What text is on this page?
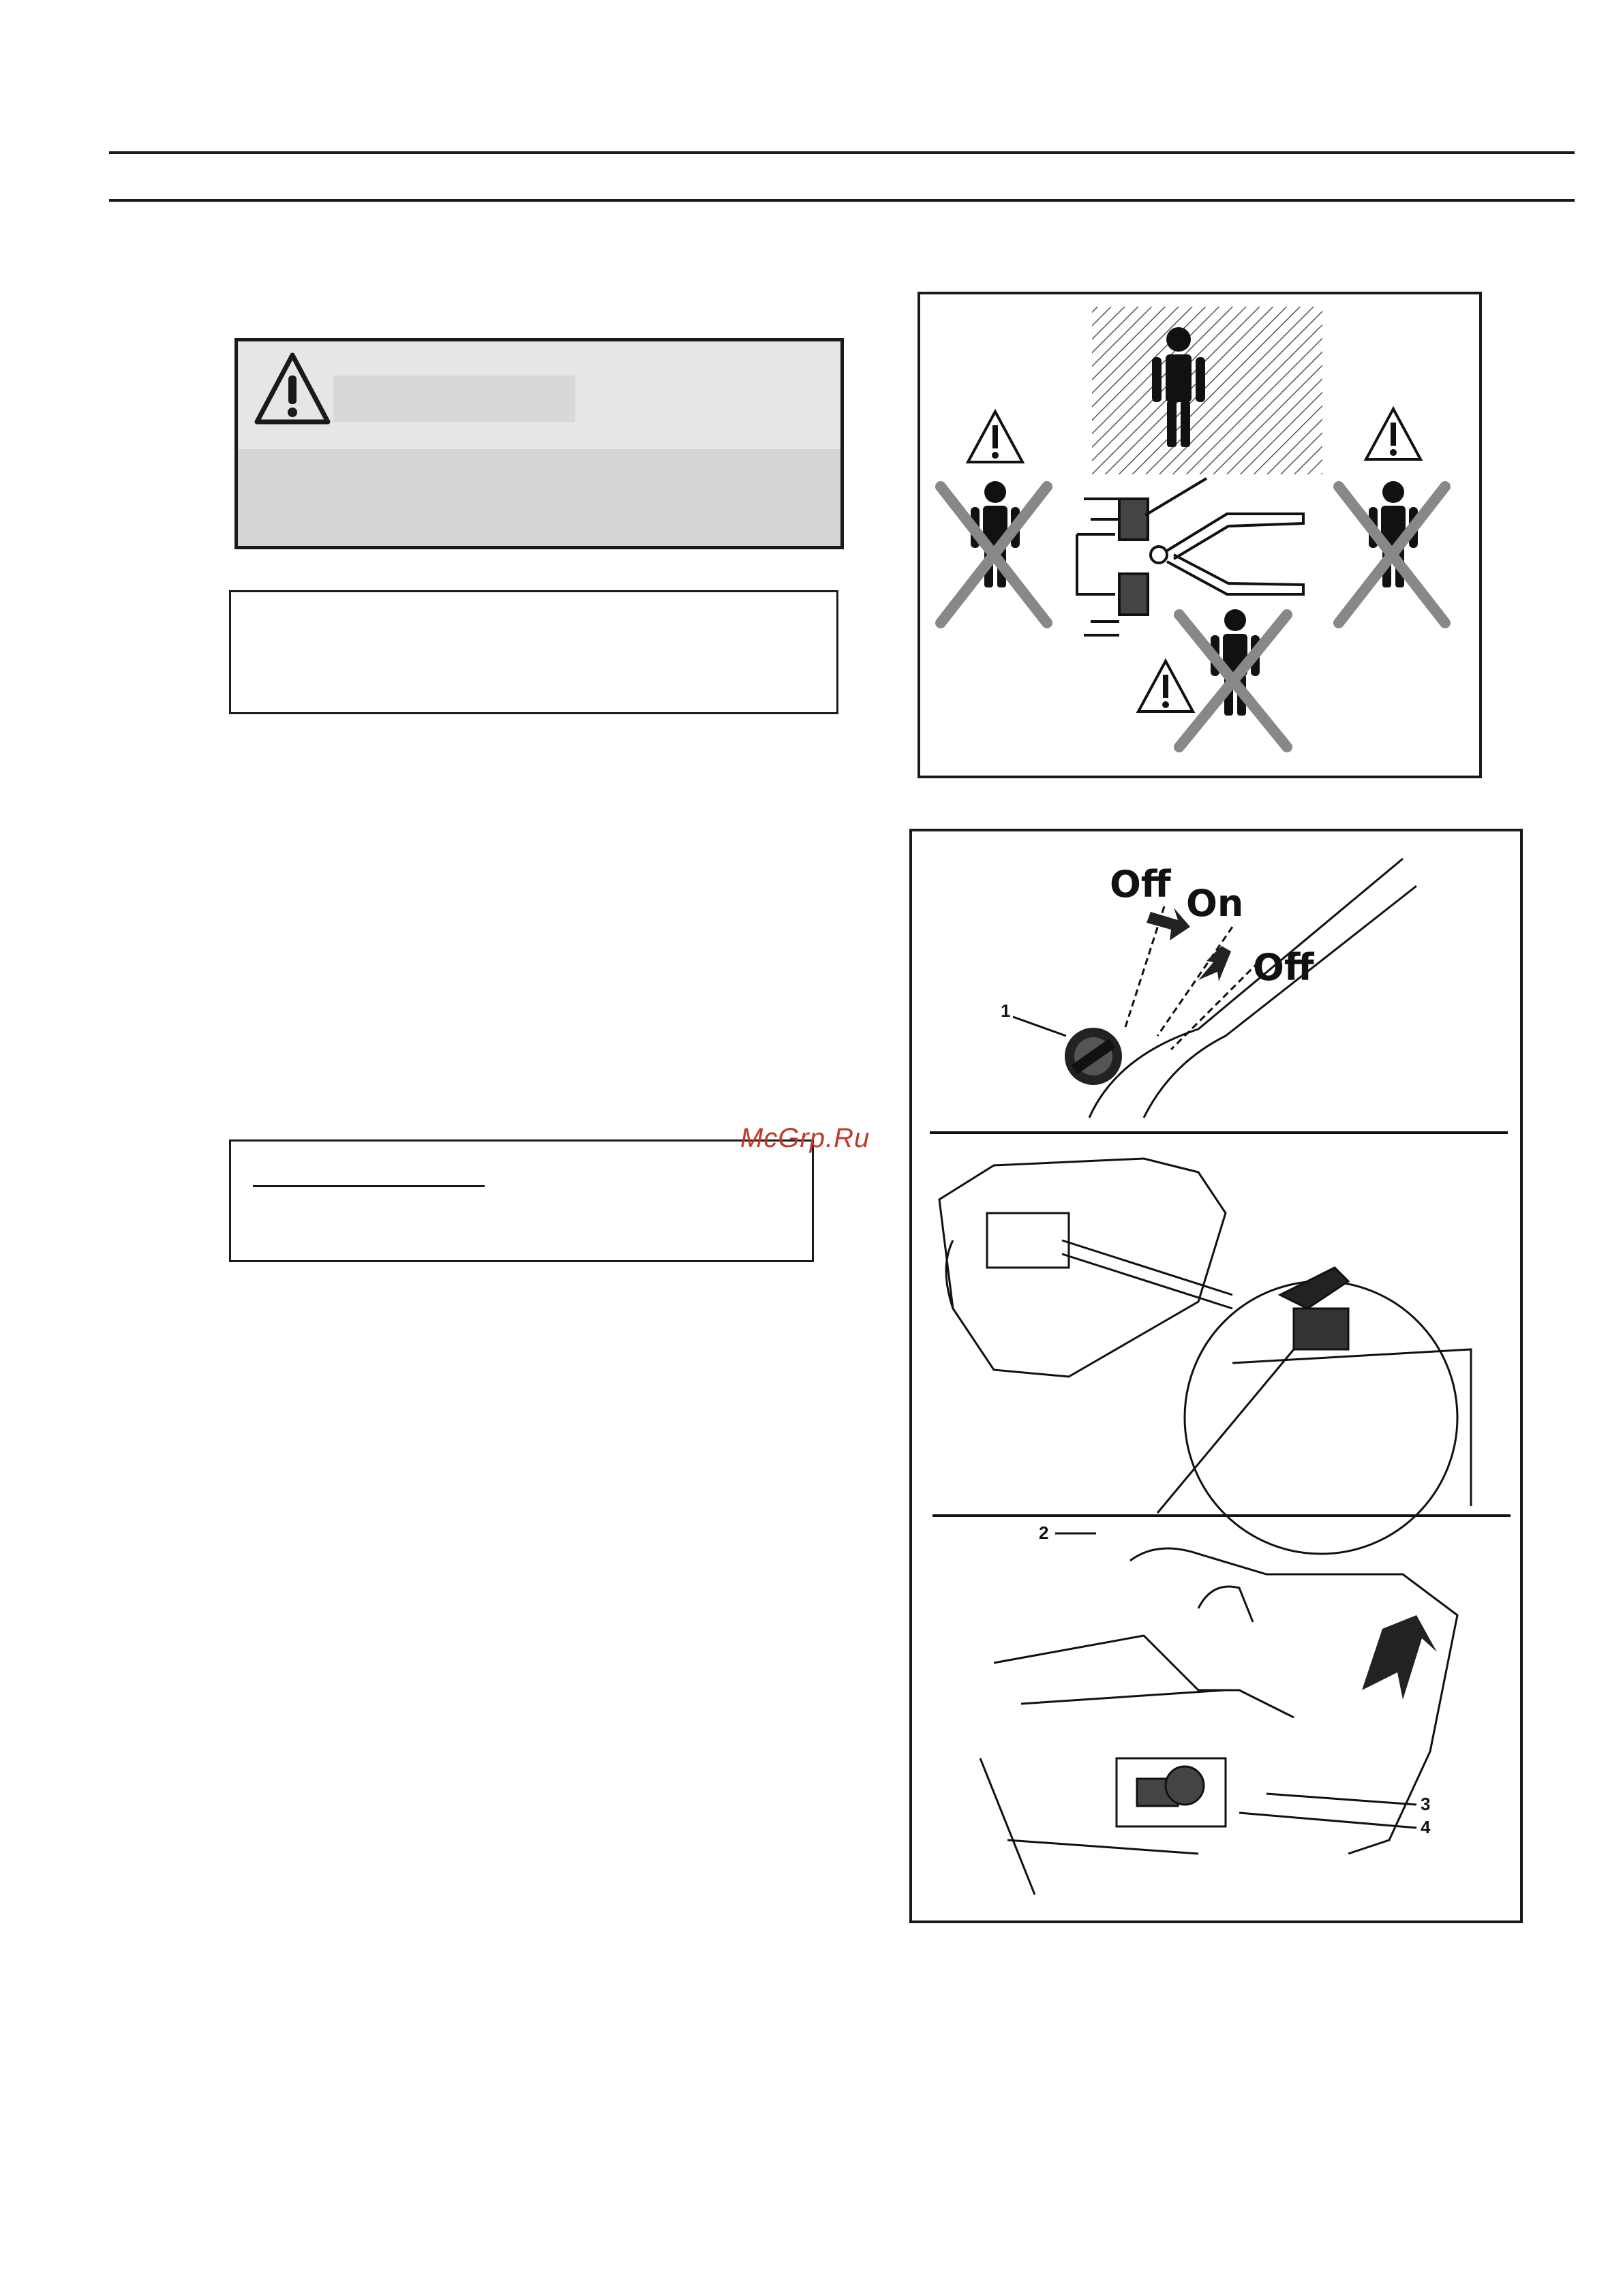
McGrp.Ru
Off On
Off
1
2
3
4
